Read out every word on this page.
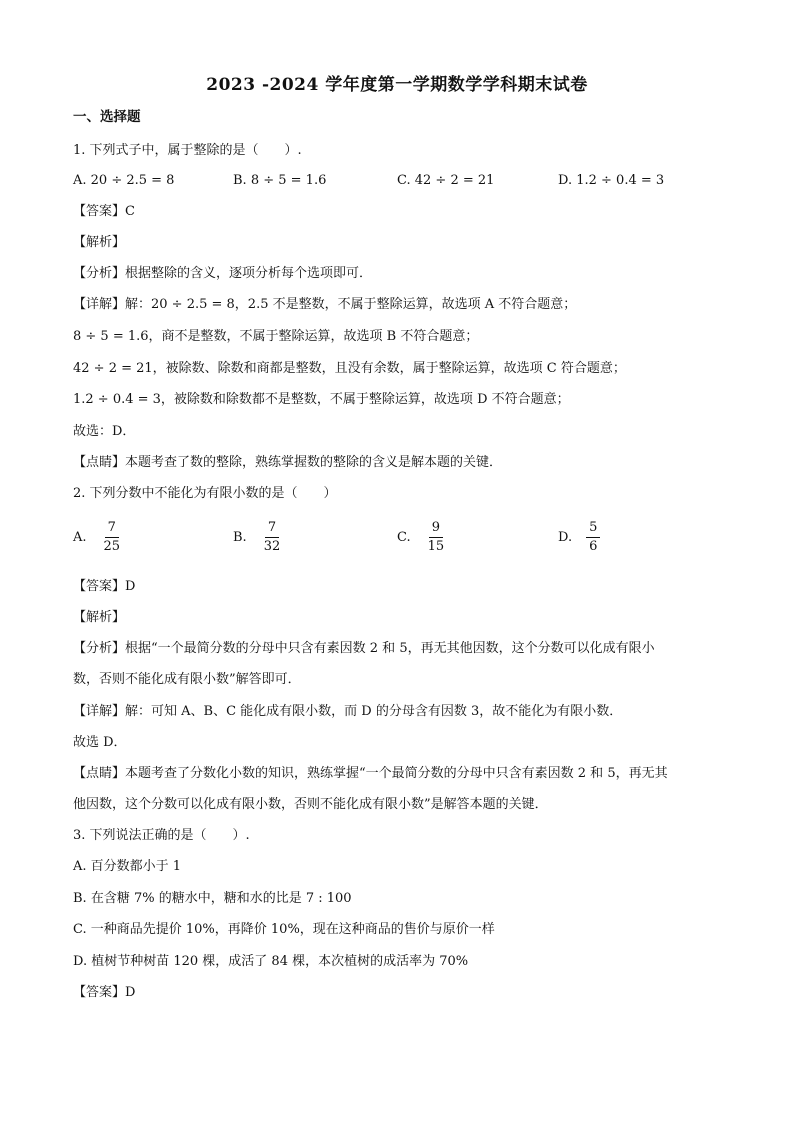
2023 -2024 学年度第一学期数学学科期末试卷
一、选择题
1. 下列式子中，属于整除的是（　　）.
A. 20 ÷ 2.5 = 8	B. 8 ÷ 5 = 1.6	C. 42 ÷ 2 = 21	D. 1.2 ÷ 0.4 = 3
【答案】C
【解析】
【分析】根据整除的含义，逐项分析每个选项即可．
【详解】解：20 ÷ 2.5 = 8，2.5 不是整数，不属于整除运算，故选项 A 不符合题意；
8 ÷ 5 = 1.6，商不是整数，不属于整除运算，故选项 B 不符合题意；
42 ÷ 2 = 21，被除数、除数和商都是整数，且没有余数，属于整除运算，故选项 C 符合题意；
1.2 ÷ 0.4 = 3，被除数和除数都不是整数，不属于整除运算，故选项 D 不符合题意；
故选：D．
【点睛】本题考查了数的整除，熟练掌握数的整除的含义是解本题的关键．
2. 下列分数中不能化为有限小数的是（　　）
A. $\frac{7}{25}$	B. $\frac{7}{32}$	C. $\frac{9}{15}$	D. $\frac{5}{6}$
【答案】D
【解析】
【分析】根据“一个最简分数的分母中只含有素因数 2 和 5，再无其他因数，这个分数可以化成有限小
数，否则不能化成有限小数”解答即可．
【详解】解：可知 A、B、C 能化成有限小数，而 D 的分母含有因数 3，故不能化为有限小数．
故选 D．
【点睛】本题考查了分数化小数的知识，熟练掌握“一个最简分数的分母中只含有素因数 2 和 5，再无其
他因数，这个分数可以化成有限小数，否则不能化成有限小数”是解答本题的关键．
3. 下列说法正确的是（　　）.
A. 百分数都小于 1
B. 在含糖 7% 的糖水中，糖和水的比是 7 : 100
C. 一种商品先提价 10%，再降价 10%，现在这种商品的售价与原价一样
D. 植树节种树苗 120 棵，成活了 84 棵，本次植树的成活率为 70%
【答案】D
